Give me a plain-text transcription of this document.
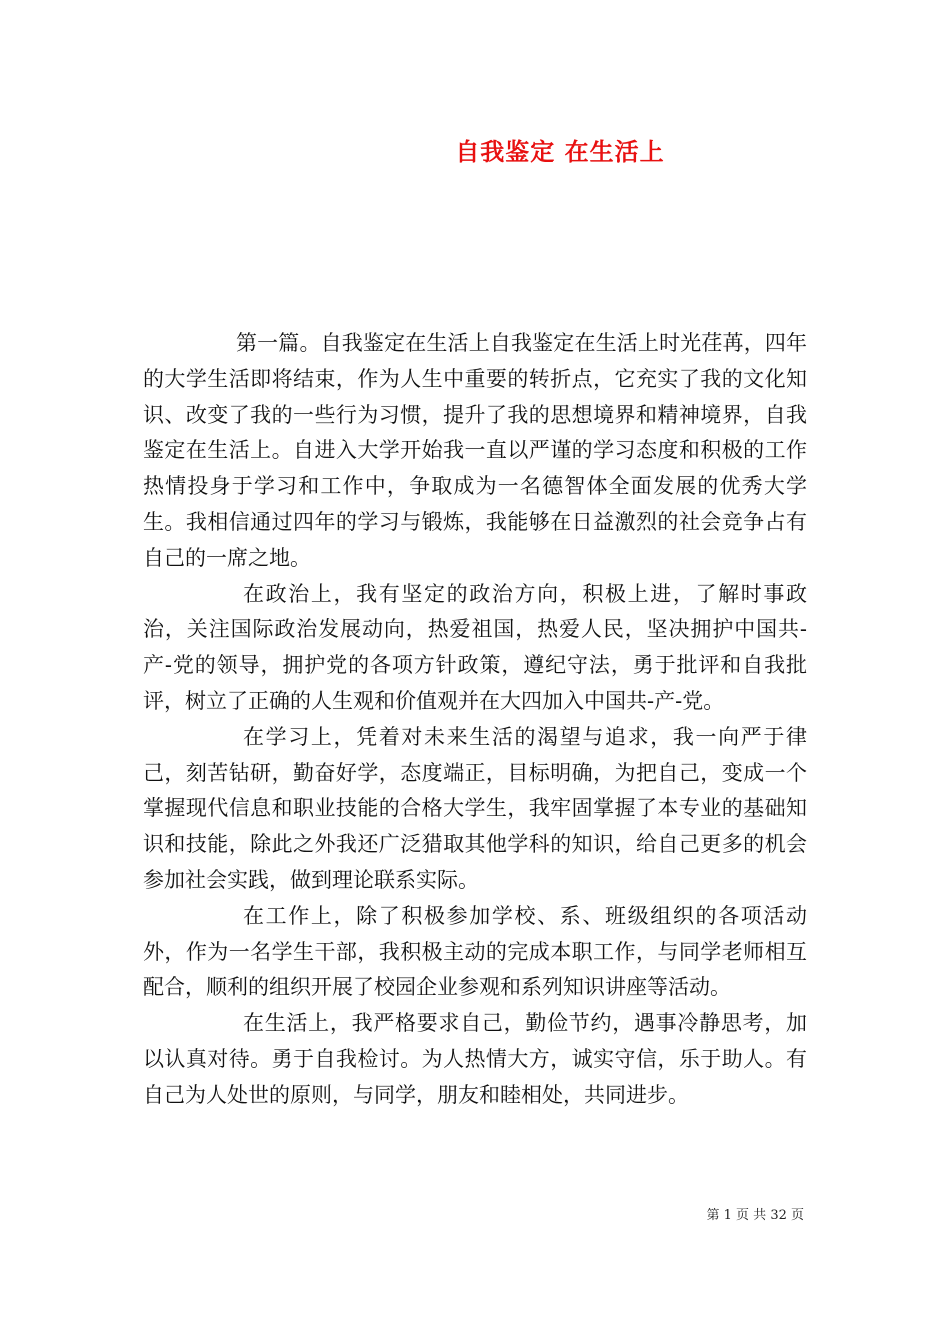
自我鉴定 在生活上

第一篇。自我鉴定在生活上自我鉴定在生活上时光荏苒，四年的大学生活即将结束，作为人生中重要的转折点，它充实了我的文化知识、改变了我的一些行为习惯，提升了我的思想境界和精神境界，自我鉴定在生活上。自进入大学开始我一直以严谨的学习态度和积极的工作热情投身于学习和工作中，争取成为一名德智体全面发展的优秀大学生。我相信通过四年的学习与锻炼，我能够在日益激烈的社会竞争占有自己的一席之地。

在政治上，我有坚定的政治方向，积极上进，了解时事政治，关注国际政治发展动向，热爱祖国，热爱人民，坚决拥护中国共-产-党的领导，拥护党的各项方针政策，遵纪守法，勇于批评和自我批评，树立了正确的人生观和价值观并在大四加入中国共-产-党。

在学习上，凭着对未来生活的渴望与追求，我一向严于律己，刻苦钻研，勤奋好学，态度端正，目标明确，为把自己，变成一个掌握现代信息和职业技能的合格大学生，我牢固掌握了本专业的基础知识和技能，除此之外我还广泛猎取其他学科的知识，给自己更多的机会参加社会实践，做到理论联系实际。

在工作上，除了积极参加学校、系、班级组织的各项活动外，作为一名学生干部，我积极主动的完成本职工作，与同学老师相互配合，顺利的组织开展了校园企业参观和系列知识讲座等活动。

在生活上，我严格要求自己，勤俭节约，遇事冷静思考，加以认真对待。勇于自我检讨。为人热情大方，诚实守信，乐于助人。有自己为人处世的原则，与同学，朋友和睦相处，共同进步。

第 1 页 共 32 页
